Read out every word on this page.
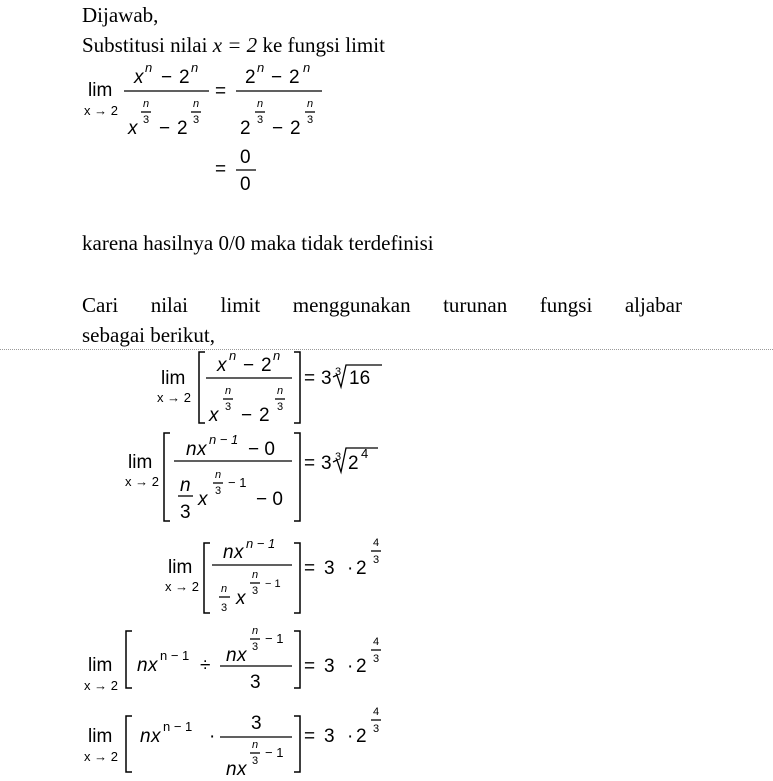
Dijawab,
Substitusi nilai x = 2 ke fungsi limit
karena hasilnya 0/0 maka tidak terdefinisi
Cari nilai limit menggunakan turunan fungsi aljabar
sebagai berikut,
lim
x → 2
x n − 2 n
x
n
3 − 2
n
3
=
2 n − 2 n
2
n
3 − 2
n
3
=
0
0
lim
x → 2
x n − 2 n
x
n
3 − 2
n
3
= 3 3 16
lim
x → 2
n x n − 1 − 0
n
3
x
n
3
− 1
− 0
= 3 3 2 4
lim
x → 2
n x n − 1
n
3 x
n
3
− 1
= 3 · 2
4
3
lim
x → 2
n x n − 1 ÷ n x
n
3
− 1
3
= 3 · 2
4
3
lim
x → 2
n x n − 1 ·
3
n x
n
3
− 1
= 3 · 2
4
3
